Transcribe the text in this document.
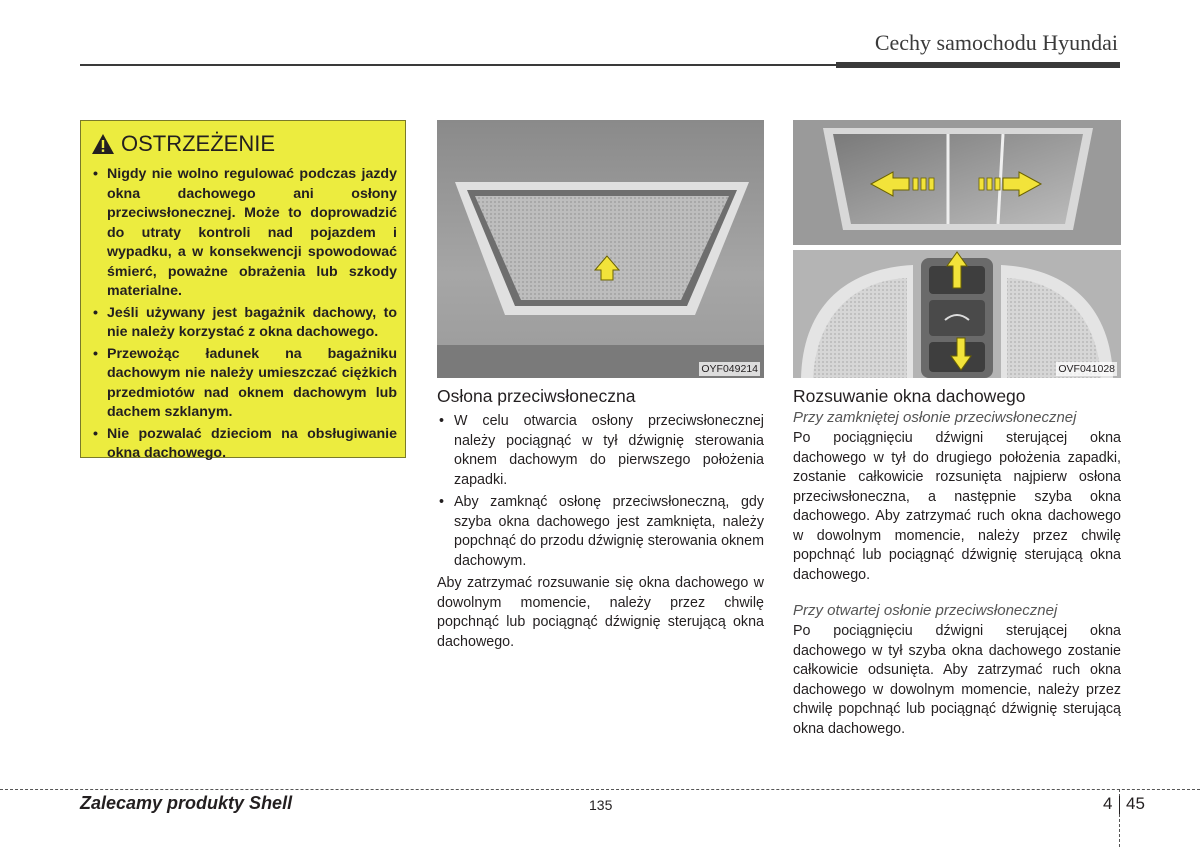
Cechy samochodu Hyundai
OSTRZEŻENIE
• Nigdy nie wolno regulować podczas jazdy okna dachowego ani osłony przeciwsłonecznej. Może to doprowadzić do utraty kontroli nad pojazdem i wypadku, a w konsekwencji spowodować śmierć, poważne obrażenia lub szkody materialne.
• Jeśli używany jest bagażnik dachowy, to nie należy korzystać z okna dachowego.
• Przewożąc ładunek na bagażniku dachowym nie należy umieszczać ciężkich przedmiotów nad oknem dachowym lub dachem szklanym.
• Nie pozwalać dzieciom na obsługiwanie okna dachowego.
OYF049214	OVF041028
Osłona przeciwsłoneczna

• W celu otwarcia osłony przeciwsłonecznej należy pociągnąć w tył dźwignię sterowania oknem dachowym do pierwszego położenia zapadki.

• Aby zamknąć osłonę przeciwsłoneczną, gdy szyba okna dachowego jest zamknięta, należy popchnąć do przodu dźwignię sterowania oknem dachowym.

Aby zatrzymać rozsuwanie się okna dachowego w dowolnym momencie, należy przez chwilę popchnąć lub pociągnąć dźwignię sterującą okna dachowego.

Rozsuwanie okna dachowego
Przy zamkniętej osłonie przeciwsłonecznej

Po pociągnięciu dźwigni sterującej okna dachowego w tył do drugiego położenia zapadki, zostanie całkowicie rozsunięta najpierw osłona przeciwsłoneczna, a następnie szyba okna dachowego. Aby zatrzymać ruch okna dachowego w dowolnym momencie, należy przez chwilę popchnąć lub pociągnąć dźwignię sterującą okna dachowego.

Przy otwartej osłonie przeciwsłonecznej

Po pociągnięciu dźwigni sterującej okna dachowego w tył szyba okna dachowego zostanie całkowicie odsunięta. Aby zatrzymać ruch okna dachowego w dowolnym momencie, należy przez chwilę popchnąć lub pociągnąć dźwignię sterującą okna dachowego.

Zalecamy produkty Shell	135	4 45
